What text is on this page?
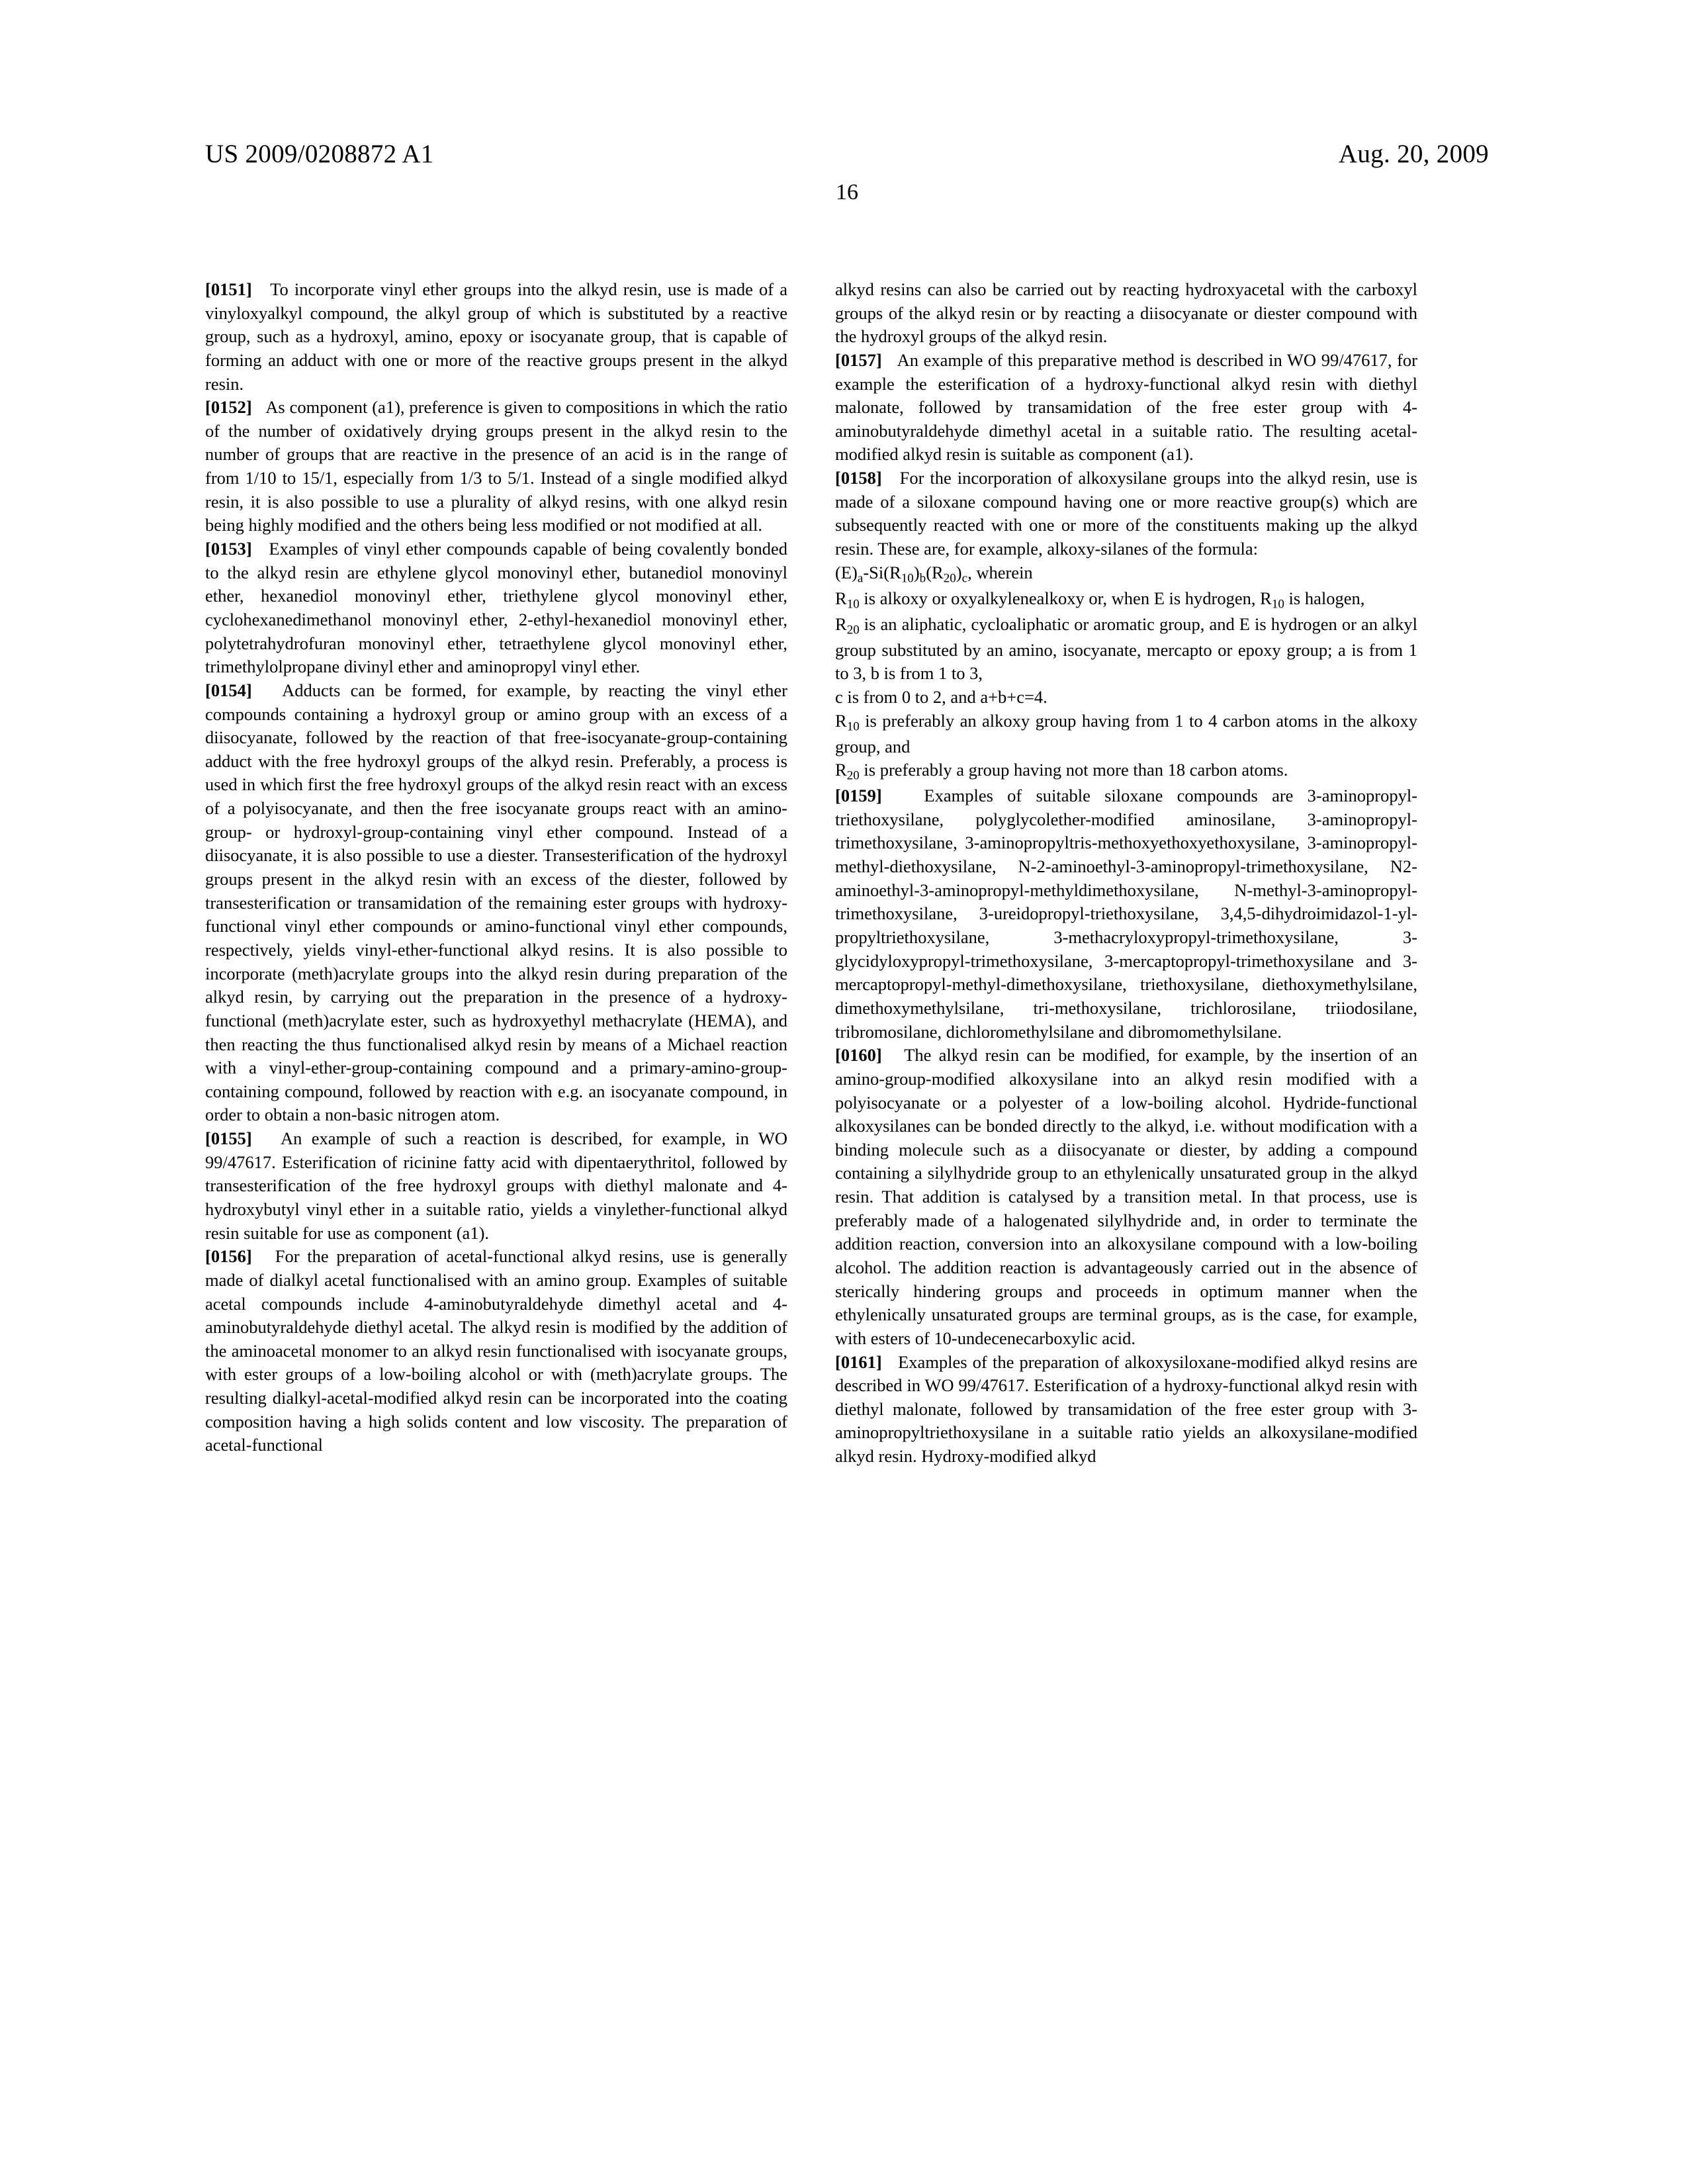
US 2009/0208872 A1	Aug. 20, 2009
16

[0151] To incorporate vinyl ether groups into the alkyd resin, use is made of a vinyloxyalkyl compound, the alkyl group of which is substituted by a reactive group, such as a hydroxyl, amino, epoxy or isocyanate group, that is capable of forming an adduct with one or more of the reactive groups present in the alkyd resin.

[0152] As component (a1), preference is given to compositions in which the ratio of the number of oxidatively drying groups present in the alkyd resin to the number of groups that are reactive in the presence of an acid is in the range of from 1/10 to 15/1, especially from 1/3 to 5/1. Instead of a single modified alkyd resin, it is also possible to use a plurality of alkyd resins, with one alkyd resin being highly modified and the others being less modified or not modified at all.

[0153] Examples of vinyl ether compounds capable of being covalently bonded to the alkyd resin are ethylene glycol monovinyl ether, butanediol monovinyl ether, hexanediol monovinyl ether, triethylene glycol monovinyl ether, cyclohexanedimethanol monovinyl ether, 2-ethyl-hexanediol monovinyl ether, polytetrahydrofuran monovinyl ether, tetraethylene glycol monovinyl ether, trimethylolpropane divinyl ether and aminopropyl vinyl ether.

[0154] Adducts can be formed, for example, by reacting the vinyl ether compounds containing a hydroxyl group or amino group with an excess of a diisocyanate, followed by the reaction of that free-isocyanate-group-containing adduct with the free hydroxyl groups of the alkyd resin. Preferably, a process is used in which first the free hydroxyl groups of the alkyd resin react with an excess of a polyisocyanate, and then the free isocyanate groups react with an amino-group- or hydroxyl-group-containing vinyl ether compound. Instead of a diisocyanate, it is also possible to use a diester. Transesterification of the hydroxyl groups present in the alkyd resin with an excess of the diester, followed by transesterification or transamidation of the remaining ester groups with hydroxy-functional vinyl ether compounds or amino-functional vinyl ether compounds, respectively, yields vinyl-ether-functional alkyd resins. It is also possible to incorporate (meth)acrylate groups into the alkyd resin during preparation of the alkyd resin, by carrying out the preparation in the presence of a hydroxy-functional (meth)acrylate ester, such as hydroxyethyl methacrylate (HEMA), and then reacting the thus functionalised alkyd resin by means of a Michael reaction with a vinyl-ether-group-containing compound and a primary-amino-group-containing compound, followed by reaction with e.g. an isocyanate compound, in order to obtain a non-basic nitrogen atom.

[0155] An example of such a reaction is described, for example, in WO 99/47617. Esterification of ricinine fatty acid with dipentaerythritol, followed by transesterification of the free hydroxyl groups with diethyl malonate and 4-hydroxybutyl vinyl ether in a suitable ratio, yields a vinylether-functional alkyd resin suitable for use as component (a1).

[0156] For the preparation of acetal-functional alkyd resins, use is generally made of dialkyl acetal functionalised with an amino group. Examples of suitable acetal compounds include 4-aminobutyraldehyde dimethyl acetal and 4-aminobutyraldehyde diethyl acetal. The alkyd resin is modified by the addition of the aminoacetal monomer to an alkyd resin functionalised with isocyanate groups, with ester groups of a low-boiling alcohol or with (meth)acrylate groups. The resulting dialkyl-acetal-modified alkyd resin can be incorporated into the coating composition having a high solids content and low viscosity. The preparation of acetal-functional

alkyd resins can also be carried out by reacting hydroxyacetal with the carboxyl groups of the alkyd resin or by reacting a diisocyanate or diester compound with the hydroxyl groups of the alkyd resin.

[0157] An example of this preparative method is described in WO 99/47617, for example the esterification of a hydroxy-functional alkyd resin with diethyl malonate, followed by transamidation of the free ester group with 4-aminobutyraldehyde dimethyl acetal in a suitable ratio. The resulting acetal-modified alkyd resin is suitable as component (a1).

[0158] For the incorporation of alkoxysilane groups into the alkyd resin, use is made of a siloxane compound having one or more reactive group(s) which are subsequently reacted with one or more of the constituents making up the alkyd resin. These are, for example, alkoxy-silanes of the formula:

$(E)_a-Si(R_{10})_b(R_{20})_c$, wherein

$R_{10}$ is alkoxy or oxyalkylenealkoxy or, when E is hydrogen, $R_{10}$ is halogen,

$R_{20}$ is an aliphatic, cycloaliphatic or aromatic group, and E is hydrogen or an alkyl group substituted by an amino, isocyanate, mercapto or epoxy group; a is from 1 to 3, b is from 1 to 3,

c is from 0 to 2, and a+b+c=4.

$R_{10}$ is preferably an alkoxy group having from 1 to 4 carbon atoms in the alkoxy group, and

$R_{20}$ is preferably a group having not more than 18 carbon atoms.

[0159] Examples of suitable siloxane compounds are 3-aminopropyl-triethoxysilane, polyglycolether-modified aminosilane, 3-aminopropyl-trimethoxysilane, 3-aminopropyltris-methoxyethoxyethoxysilane, 3-aminopropyl-methyl-diethoxysilane, N-2-aminoethyl-3-aminopropyl-trimethoxysilane, N2-aminoethyl-3-aminopropyl-methyldimethoxysilane, N-methyl-3-aminopropyl-trimethoxysilane, 3-ureidopropyl-triethoxysilane, 3,4,5-dihydroimidazol-1-yl-propyltriethoxysilane, 3-methacryloxypropyl-trimethoxysilane, 3-glycidyloxypropyl-trimethoxysilane, 3-mercaptopropyl-trimethoxysilane and 3-mercaptopropyl-methyl-dimethoxysilane, triethoxysilane, diethoxymethylsilane, dimethoxymethylsilane, tri-methoxysilane, trichlorosilane, triiodosilane, tribromosilane, dichloromethylsilane and dibromomethylsilane.

[0160] The alkyd resin can be modified, for example, by the insertion of an amino-group-modified alkoxysilane into an alkyd resin modified with a polyisocyanate or a polyester of a low-boiling alcohol. Hydride-functional alkoxysilanes can be bonded directly to the alkyd, i.e. without modification with a binding molecule such as a diisocyanate or diester, by adding a compound containing a silylhydride group to an ethylenically unsaturated group in the alkyd resin. That addition is catalysed by a transition metal. In that process, use is preferably made of a halogenated silylhydride and, in order to terminate the addition reaction, conversion into an alkoxysilane compound with a low-boiling alcohol. The addition reaction is advantageously carried out in the absence of sterically hindering groups and proceeds in optimum manner when the ethylenically unsaturated groups are terminal groups, as is the case, for example, with esters of 10-undecenecarboxylic acid.

[0161] Examples of the preparation of alkoxysiloxane-modified alkyd resins are described in WO 99/47617. Esterification of a hydroxy-functional alkyd resin with diethyl malonate, followed by transamidation of the free ester group with 3-aminopropyltriethoxysilane in a suitable ratio yields an alkoxysilane-modified alkyd resin. Hydroxy-modified alkyd
